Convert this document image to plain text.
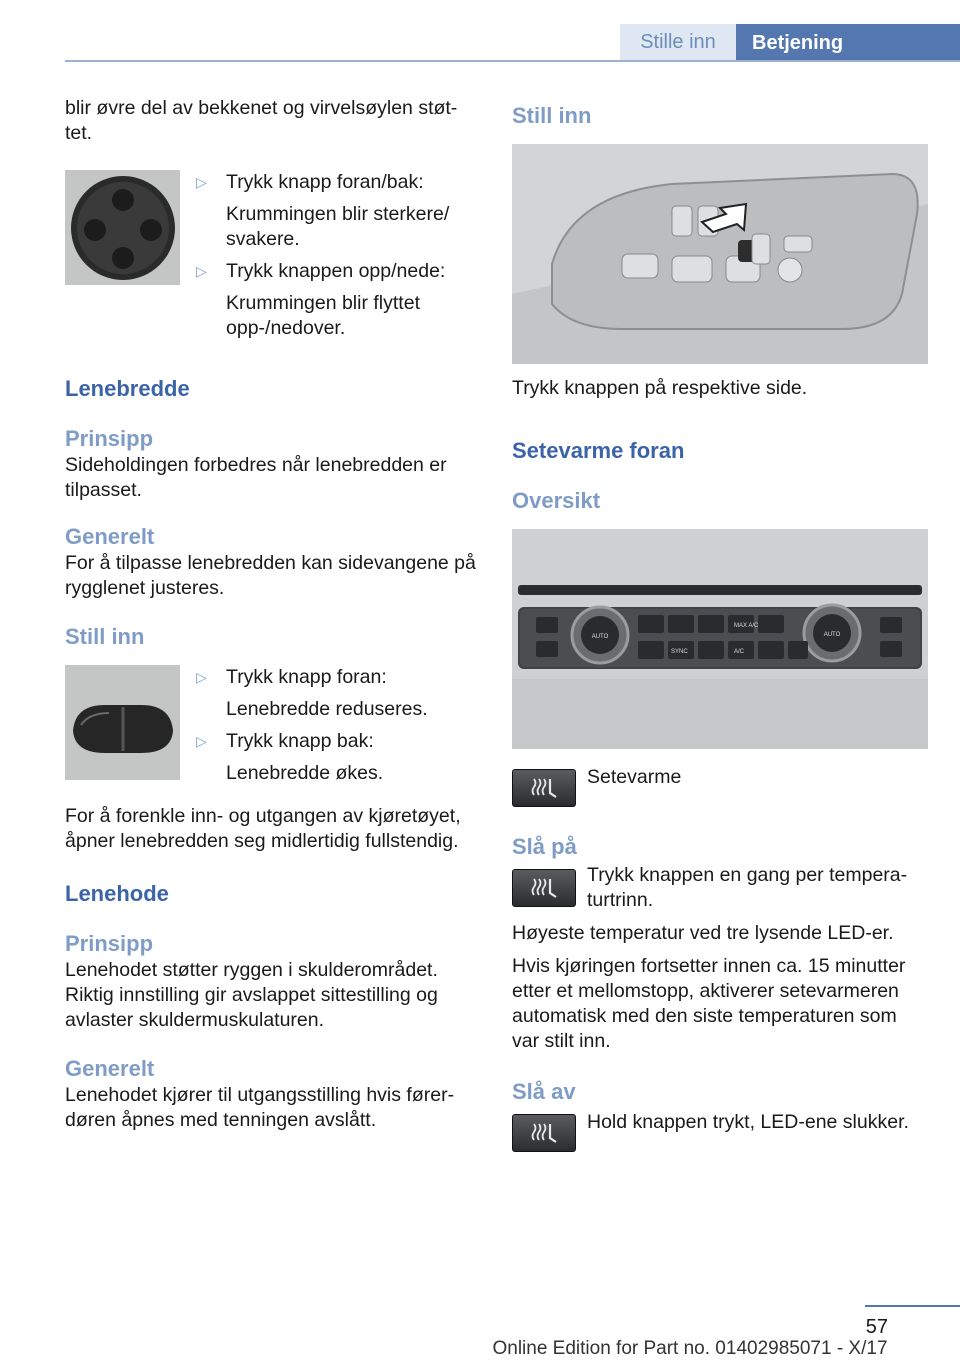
Stille inn	Betjening

blir øvre del av bekkenet og virvelsøylen støt-tet.

▷ Trykk knapp foran/bak:
Krummingen blir sterkere/ svakere.
▷ Trykk knappen opp/nede:
Krummingen blir flyttet opp-/nedover.
Lenebredde
Prinsipp

Sideholdingen forbedres når lenebredden er tilpasset.

Generelt

For å tilpasse lenebredden kan sidevangene på rygglenet justeres.

Still inn
▷ Trykk knapp foran:
Lenebredde reduseres.
▷ Trykk knapp bak:
Lenebredde økes.

For å forenkle inn- og utgangen av kjøretøyet, åpner lenebredden seg midlertidig fullstendig.

Lenehode
Prinsipp

Lenehodet støtter ryggen i skulderområdet. Riktig innstilling gir avslappet sittestilling og avlaster skuldermuskulaturen.

Generelt

Lenehodet kjører til utgangsstilling hvis fører-døren åpnes med tenningen avslått.

Still inn

Trykk knappen på respektive side.

Setevarme foran
Oversikt
AUTO	AUTO
MAX A/C
SYNC	A/C
Setevarme
Slå på
Trykk knappen en gang per tempera-turtrinn.

Høyeste temperatur ved tre lysende LED-er.

Hvis kjøringen fortsetter innen ca. 15 minutter etter et mellomstopp, aktiverer setevarmeren automatisk med den siste temperaturen som var stilt inn.

Slå av
Hold knappen trykt, LED-ene slukker.
57
Online Edition for Part no. 01402985071 - X/17
